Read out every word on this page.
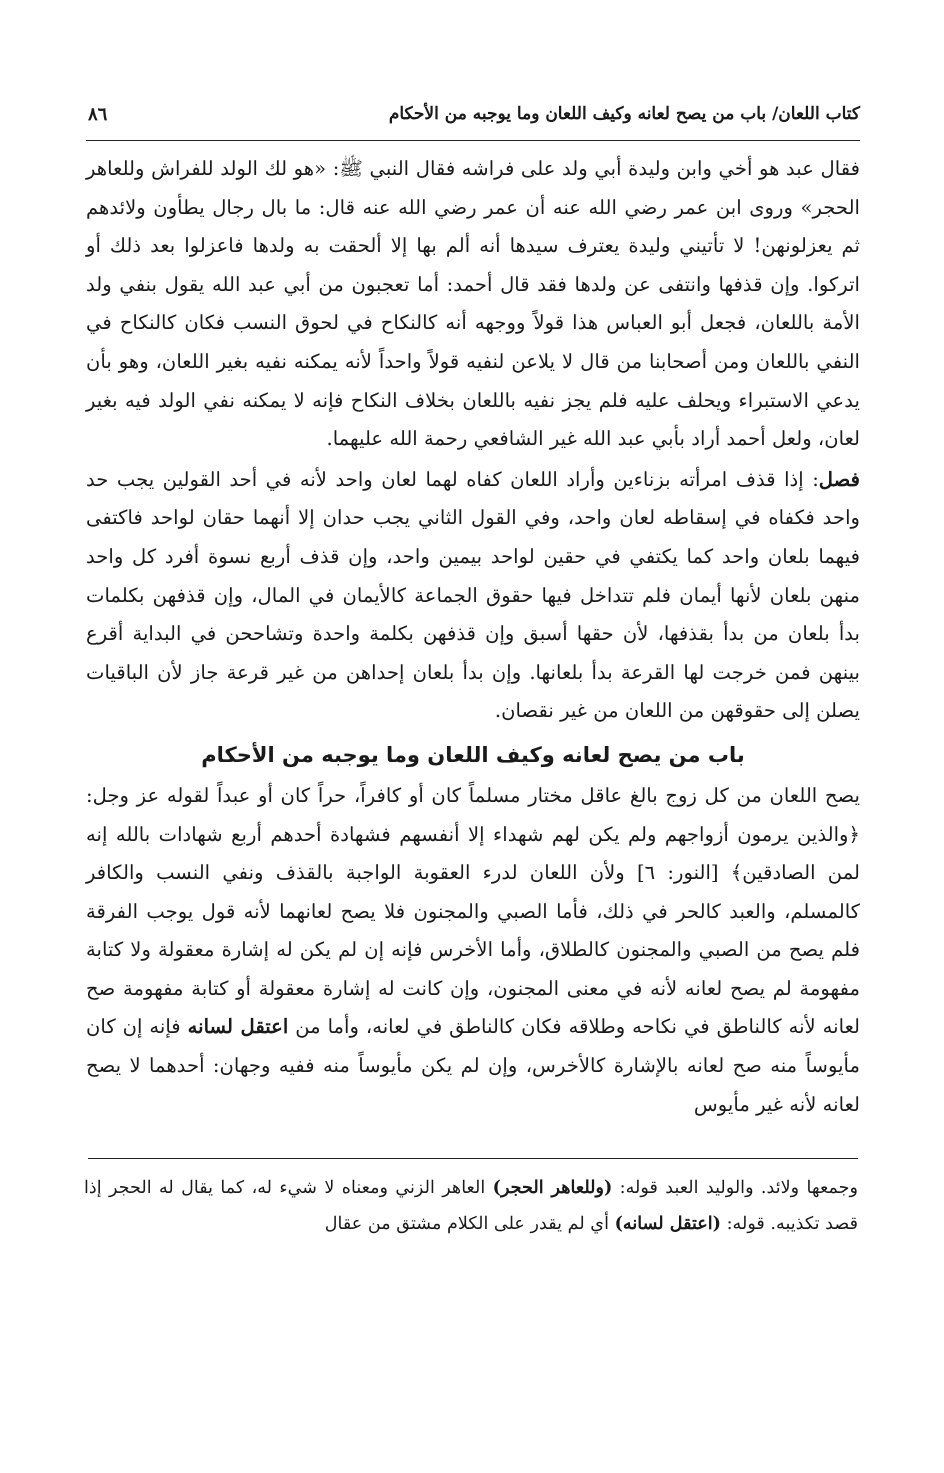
كتاب اللعان/ باب من يصح لعانه وكيف اللعان وما يوجبه من الأحكام
٨٦

فقال عبد هو أخي وابن وليدة أبي ولد على فراشه فقال النبي ﷺ: «هو لك الولد للفراش وللعاهر الحجر» وروى ابن عمر رضي الله عنه أن عمر رضي الله عنه قال: ما بال رجال يطأون ولائدهم ثم يعزلونهن! لا تأتيني وليدة يعترف سيدها أنه ألم بها إلا ألحقت به ولدها فاعزلوا بعد ذلك أو اتركوا. وإن قذفها وانتفى عن ولدها فقد قال أحمد: أما تعجبون من أبي عبد الله يقول بنفي ولد الأمة باللعان، فجعل أبو العباس هذا قولاً ووجهه أنه كالنكاح في لحوق النسب فكان كالنكاح في النفي باللعان ومن أصحابنا من قال لا يلاعن لنفيه قولاً واحداً لأنه يمكنه نفيه بغير اللعان، وهو بأن يدعي الاستبراء ويحلف عليه فلم يجز نفيه باللعان بخلاف النكاح فإنه لا يمكنه نفي الولد فيه بغير لعان، ولعل أحمد أراد بأبي عبد الله غير الشافعي رحمة الله عليهما.

فصل: إذا قذف امرأته بزناءين وأراد اللعان كفاه لهما لعان واحد لأنه في أحد القولين يجب حد واحد فكفاه في إسقاطه لعان واحد، وفي القول الثاني يجب حدان إلا أنهما حقان لواحد فاكتفى فيهما بلعان واحد كما يكتفي في حقين لواحد بيمين واحد، وإن قذف أربع نسوة أفرد كل واحد منهن بلعان لأنها أيمان فلم تتداخل فيها حقوق الجماعة كالأيمان في المال، وإن قذفهن بكلمات بدأ بلعان من بدأ بقذفها، لأن حقها أسبق وإن قذفهن بكلمة واحدة وتشاححن في البداية أقرع بينهن فمن خرجت لها القرعة بدأ بلعانها. وإن بدأ بلعان إحداهن من غير قرعة جاز لأن الباقيات يصلن إلى حقوقهن من اللعان من غير نقصان.

باب من يصح لعانه وكيف اللعان وما يوجبه من الأحكام

يصح اللعان من كل زوج بالغ عاقل مختار مسلماً كان أو كافراً، حراً كان أو عبداً لقوله عز وجل: ﴿والذين يرمون أزواجهم ولم يكن لهم شهداء إلا أنفسهم فشهادة أحدهم أربع شهادات بالله إنه لمن الصادقين﴾ [النور: ٦] ولأن اللعان لدرء العقوبة الواجبة بالقذف ونفي النسب والكافر كالمسلم، والعبد كالحر في ذلك، فأما الصبي والمجنون فلا يصح لعانهما لأنه قول يوجب الفرقة فلم يصح من الصبي والمجنون كالطلاق، وأما الأخرس فإنه إن لم يكن له إشارة معقولة ولا كتابة مفهومة لم يصح لعانه لأنه في معنى المجنون، وإن كانت له إشارة معقولة أو كتابة مفهومة صح لعانه لأنه كالناطق في نكاحه وطلاقه فكان كالناطق في لعانه، وأما من اعتقل لسانه فإنه إن كان مأيوساً منه صح لعانه بالإشارة كالأخرس، وإن لم يكن مأيوساً منه ففيه وجهان: أحدهما لا يصح لعانه لأنه غير مأيوس

وجمعها ولائد. والوليد العبد قوله: (وللعاهر الحجر) العاهر الزني ومعناه لا شيء له، كما يقال له الحجر إذا قصد تكذيبه. قوله: (اعتقل لسانه) أي لم يقدر على الكلام مشتق من عقال
